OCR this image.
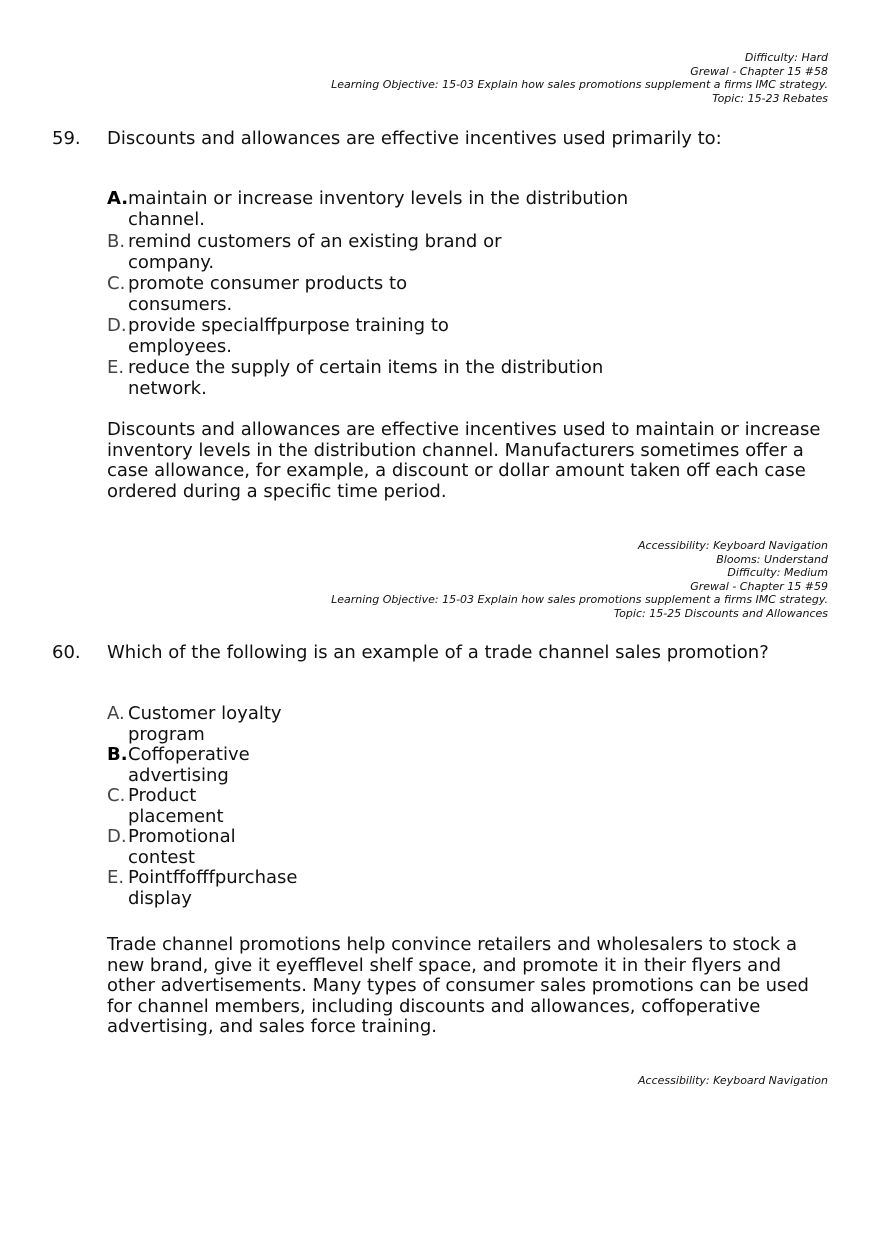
Difficulty: Hard
Grewal - Chapter 15 #58
Learning Objective: 15-03 Explain how sales promotions supplement a firms IMC strategy.
Topic: 15-23 Rebates
59. Discounts and allowances are effective incentives used primarily to:
A. maintain or increase inventory levels in the distribution
channel.
B. remind customers of an existing brand or
company.
C. promote consumer products to
consumers.
D. provide specialffpurpose training to
employees.
E. reduce the supply of certain items in the distribution
network.
Discounts and allowances are effective incentives used to maintain or increase inventory levels in the distribution channel. Manufacturers sometimes offer a case allowance, for example, a discount or dollar amount taken off each case ordered during a specific time period.
Accessibility: Keyboard Navigation
Blooms: Understand
Difficulty: Medium
Grewal - Chapter 15 #59
Learning Objective: 15-03 Explain how sales promotions supplement a firms IMC strategy.
Topic: 15-25 Discounts and Allowances
60. Which of the following is an example of a trade channel sales promotion?
A. Customer loyalty
program
B. Coffoperative
advertising
C. Product
placement
D. Promotional
contest
E. Pointffofffpurchase
display
Trade channel promotions help convince retailers and wholesalers to stock a new brand, give it eyefflevel shelf space, and promote it in their flyers and other advertisements. Many types of consumer sales promotions can be used for channel members, including discounts and allowances, coffoperative advertising, and sales force training.
Accessibility: Keyboard Navigation
